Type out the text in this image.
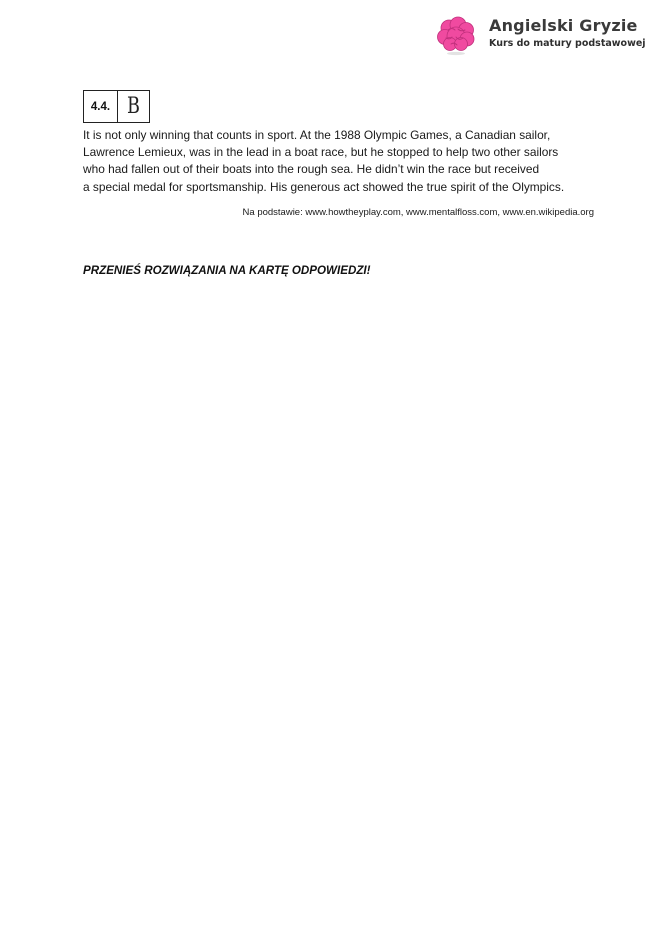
Angielski Gryzie
Kurs do matury podstawowej
4.4. B
It is not only winning that counts in sport. At the 1988 Olympic Games, a Canadian sailor,
Lawrence Lemieux, was in the lead in a boat race, but he stopped to help two other sailors
who had fallen out of their boats into the rough sea. He didn’t win the race but received
a special medal for sportsmanship. His generous act showed the true spirit of the Olympics.
Na podstawie: www.howtheyplay.com, www.mentalfloss.com, www.en.wikipedia.org
PRZENIEŚ ROZWIĄZANIA NA KARTĘ ODPOWIEDZI!
